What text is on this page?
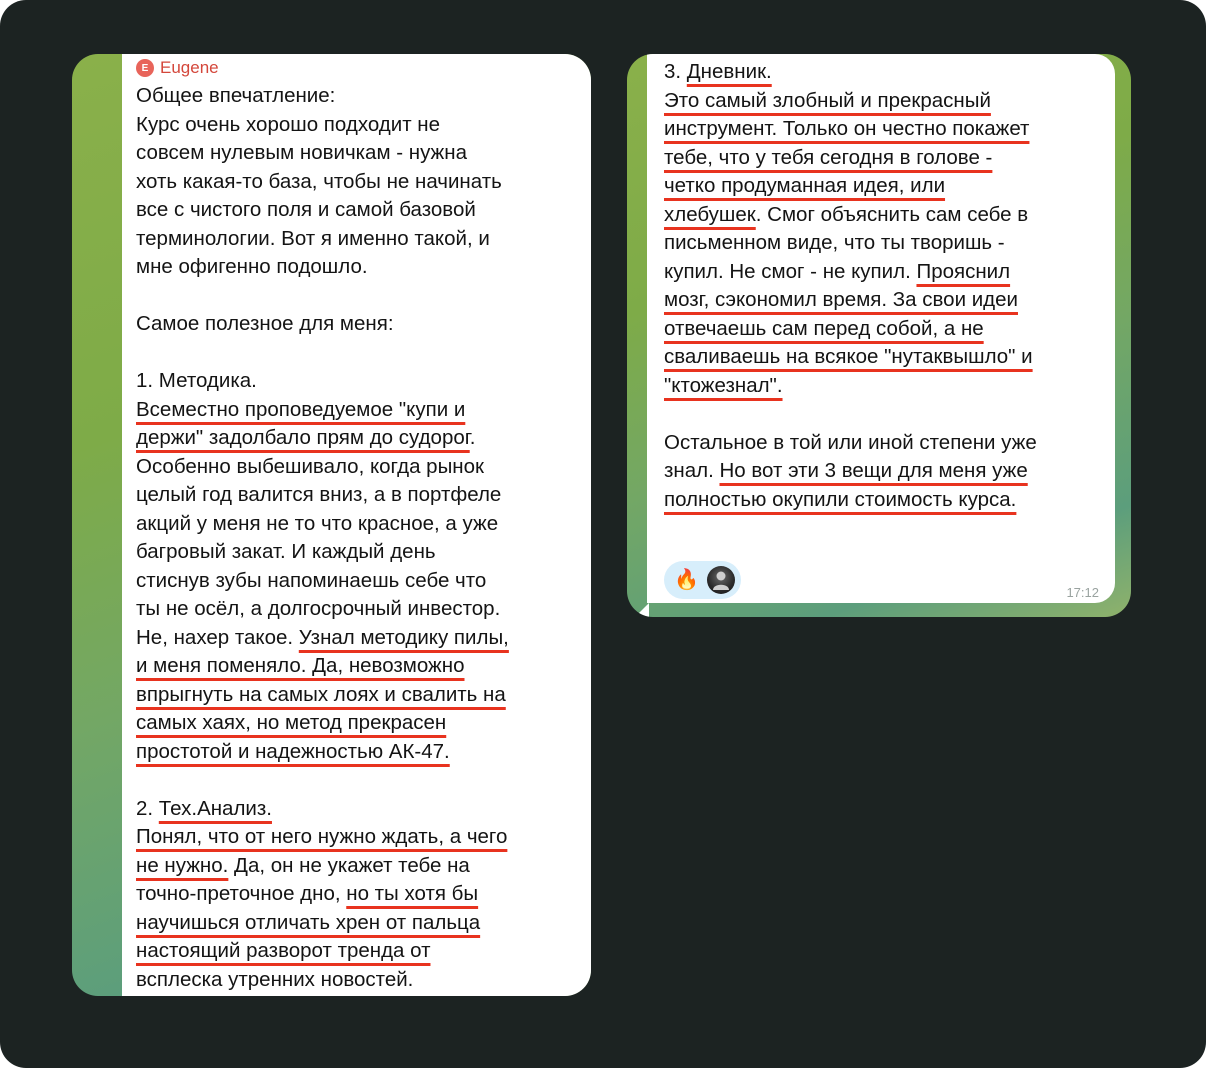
E Eugene
Общее впечатление:
Курс очень хорошо подходит не
совсем нулевым новичкам - нужна
хоть какая-то база, чтобы не начинать
все с чистого поля и самой базовой
терминологии. Вот я именно такой, и
мне офигенно подошло.

Самое полезное для меня:

1. Методика.
Всеместно проповедуемое "купи и
держи" задолбало прям до судорог.
Особенно выбешивало, когда рынок
целый год валится вниз, а в портфеле
акций у меня не то что красное, а уже
багровый закат. И каждый день
стиснув зубы напоминаешь себе что
ты не осёл, а долгосрочный инвестор.
Не, нахер такое. Узнал методику пилы,
и меня поменяло. Да, невозможно
впрыгнуть на самых лоях и свалить на
самых хаях, но метод прекрасен
простотой и надежностью АК-47.

2. Тех.Анализ.
Понял, что от него нужно ждать, а чего
не нужно. Да, он не укажет тебе на
точно-преточное дно, но ты хотя бы
научишься отличать хрен от пальца
настоящий разворот тренда от
всплеска утренних новостей.
3. Дневник.
Это самый злобный и прекрасный
инструмент. Только он честно покажет
тебе, что у тебя сегодня в голове -
четко продуманная идея, или
хлебушек. Смог объяснить сам себе в
письменном виде, что ты творишь -
купил. Не смог - не купил. Прояснил
мозг, сэкономил время. За свои идеи
отвечаешь сам перед собой, а не
сваливаешь на всякое "нутаквышло" и
"ктожезнал".

Остальное в той или иной степени уже
знал. Но вот эти 3 вещи для меня уже
полностью окупили стоимость курса.
🔥
17:12
